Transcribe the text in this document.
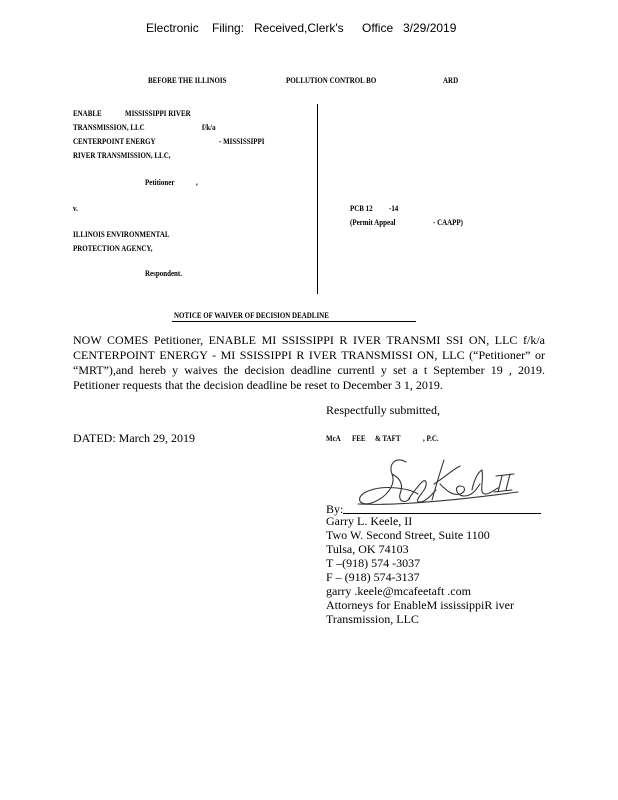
Electronic Filing: Received,Clerk's Office 3/29/2019
BEFORE THE ILLINOIS	POLLUTION CONTROL BO	ARD
ENABLE	MISSISSIPPI RIVER
TRANSMISSION, LLC	f/k/a
CENTERPOINT ENERGY	- MISSISSIPPI
RIVER TRANSMISSION, LLC,
Petitioner	,
v.
ILLINOIS ENVIRONMENTAL
PROTECTION AGENCY,
Respondent.
PCB 12 -14
(Permit Appeal	- CAAPP)
NOTICE OF WAIVER OF DECISION DEADLINE
NOW COMES Petitioner, ENABLE MI SSISSIPPI R IVER TRANSMI SSI ON, LLC f/k/a CENTERPOINT ENERGY - MI SSISSIPPI R IVER TRANSMISSI ON, LLC (“Petitioner” or “MRT”),and hereb y waives the decision deadline currentl y set a t September 19 , 2019. Petitioner requests that the decision deadline be reset to December 3 1, 2019.
Respectfully submitted,
DATED: March 29, 2019	McA FEE & TAFT	, P.C.
By:
Garry L. Keele, II
Two W. Second Street, Suite 1100
Tulsa, OK 74103
T –(918) 574 -3037
F – (918) 574-3137
garry .keele@mcafeetaft .com
Attorneys for EnableM ississippiR iver
Transmission, LLC
